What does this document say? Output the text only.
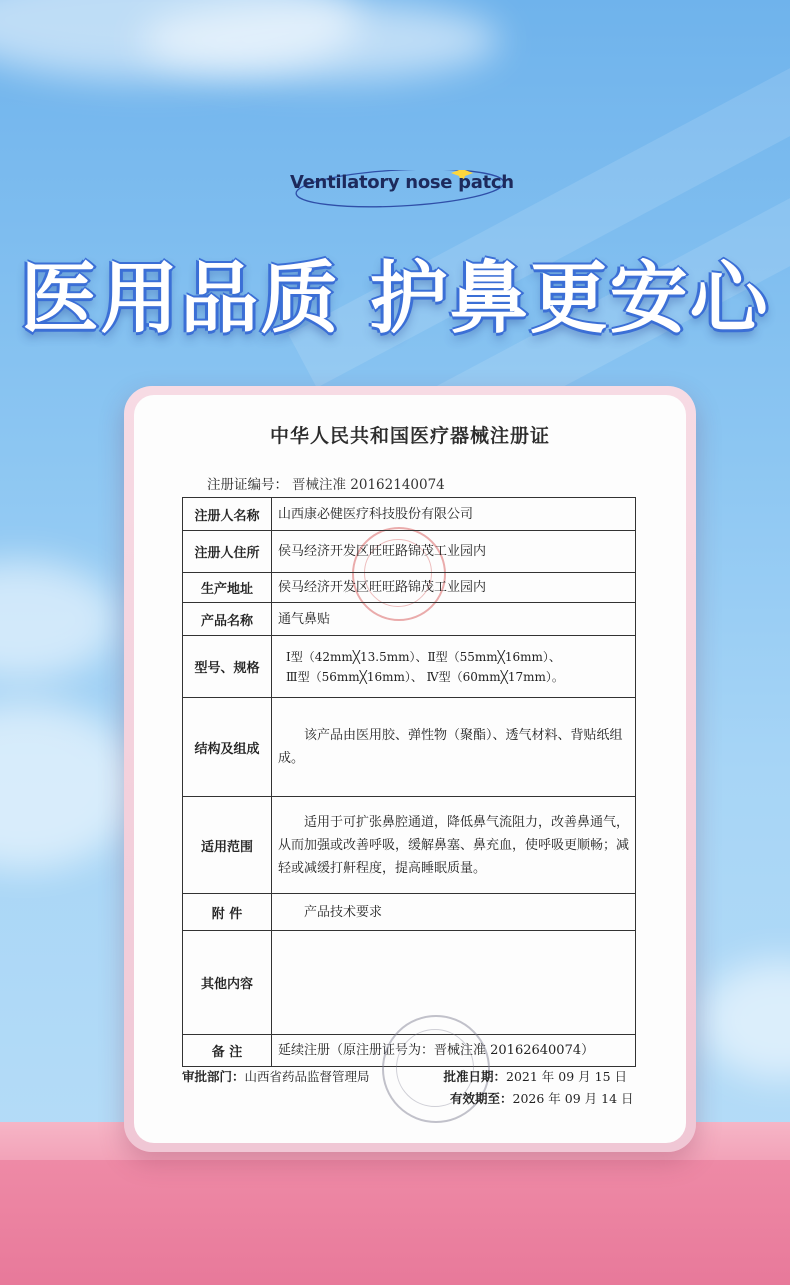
Ventilatory nose patch
医用品质 护鼻更安心
中华人民共和国医疗器械注册证
注册证编号： 晋械注准 20162140074
注册人名称	山西康必健医疗科技股份有限公司
注册人住所	侯马经济开发区旺旺路锦茂工业园内
生产地址	侯马经济开发区旺旺路锦茂工业园内
产品名称	通气鼻贴
型号、规格	Ⅰ型（42mm╳13.5mm）、Ⅱ型（55mm╳16mm）、
Ⅲ型（56mm╳16mm）、 Ⅳ型（60mm╳17mm）。

结构及组成	该产品由医用胶、弹性物（聚酯）、透气材料、背贴纸组成。
适用范围	适用于可扩张鼻腔通道，降低鼻气流阻力，改善鼻通气，从而加强或改善呼吸，缓解鼻塞、鼻充血，使呼吸更顺畅；减轻或减缓打鼾程度，提高睡眠质量。
附 件	产品技术要求
其他内容	
备 注	延续注册（原注册证号为：晋械注准 20162640074）
审批部门：山西省药品监督管理局	批准日期：2021 年 09 月 15 日
有效期至：2026 年 09 月 14 日
